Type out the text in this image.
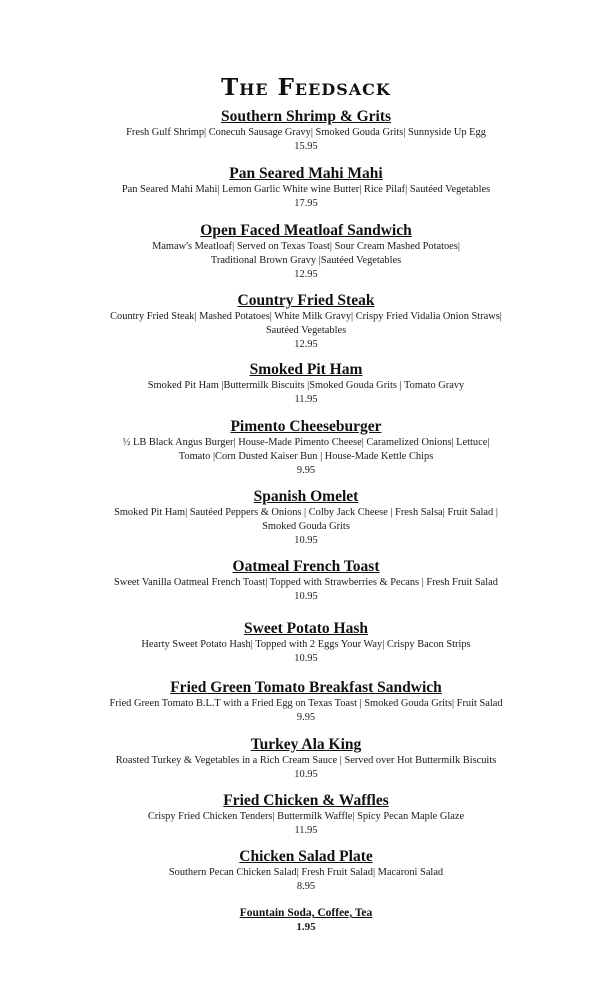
The Feedsack
Southern Shrimp & Grits
Fresh Gulf Shrimp| Conecuh Sausage Gravy| Smoked Gouda Grits| Sunnyside Up Egg
15.95
Pan Seared Mahi Mahi
Pan Seared Mahi Mahi| Lemon Garlic White wine Butter| Rice Pilaf| Sautéed Vegetables
17.95
Open Faced Meatloaf Sandwich
Mamaw's Meatloaf| Served on Texas Toast| Sour Cream Mashed Potatoes|
Traditional Brown Gravy |Sautéed Vegetables
12.95
Country Fried Steak
Country Fried Steak| Mashed Potatoes| White Milk Gravy| Crispy Fried Vidalia Onion Straws|
Sautéed Vegetables
12.95
Smoked Pit Ham
Smoked Pit Ham |Buttermilk Biscuits |Smoked Gouda Grits | Tomato Gravy
11.95
Pimento Cheeseburger
½ LB Black Angus Burger| House-Made Pimento Cheese| Caramelized Onions| Lettuce|
Tomato |Corn Dusted Kaiser Bun | House-Made Kettle Chips
9.95
Spanish Omelet
Smoked Pit Ham| Sautéed Peppers & Onions | Colby Jack Cheese | Fresh Salsa| Fruit Salad |
Smoked Gouda Grits
10.95
Oatmeal French Toast
Sweet Vanilla Oatmeal French Toast| Topped with Strawberries & Pecans | Fresh Fruit Salad
10.95
Sweet Potato Hash
Hearty Sweet Potato Hash| Topped with 2 Eggs Your Way| Crispy Bacon Strips
10.95
Fried Green Tomato Breakfast Sandwich
Fried Green Tomato B.L.T with a Fried Egg on Texas Toast | Smoked Gouda Grits| Fruit Salad
9.95
Turkey Ala King
Roasted Turkey & Vegetables in a Rich Cream Sauce | Served over Hot Buttermilk Biscuits
10.95
Fried Chicken & Waffles
Crispy Fried Chicken Tenders| Buttermilk Waffle| Spicy Pecan Maple Glaze
11.95
Chicken Salad Plate
Southern Pecan Chicken Salad| Fresh Fruit Salad| Macaroni Salad
8.95
Fountain Soda, Coffee, Tea
1.95
